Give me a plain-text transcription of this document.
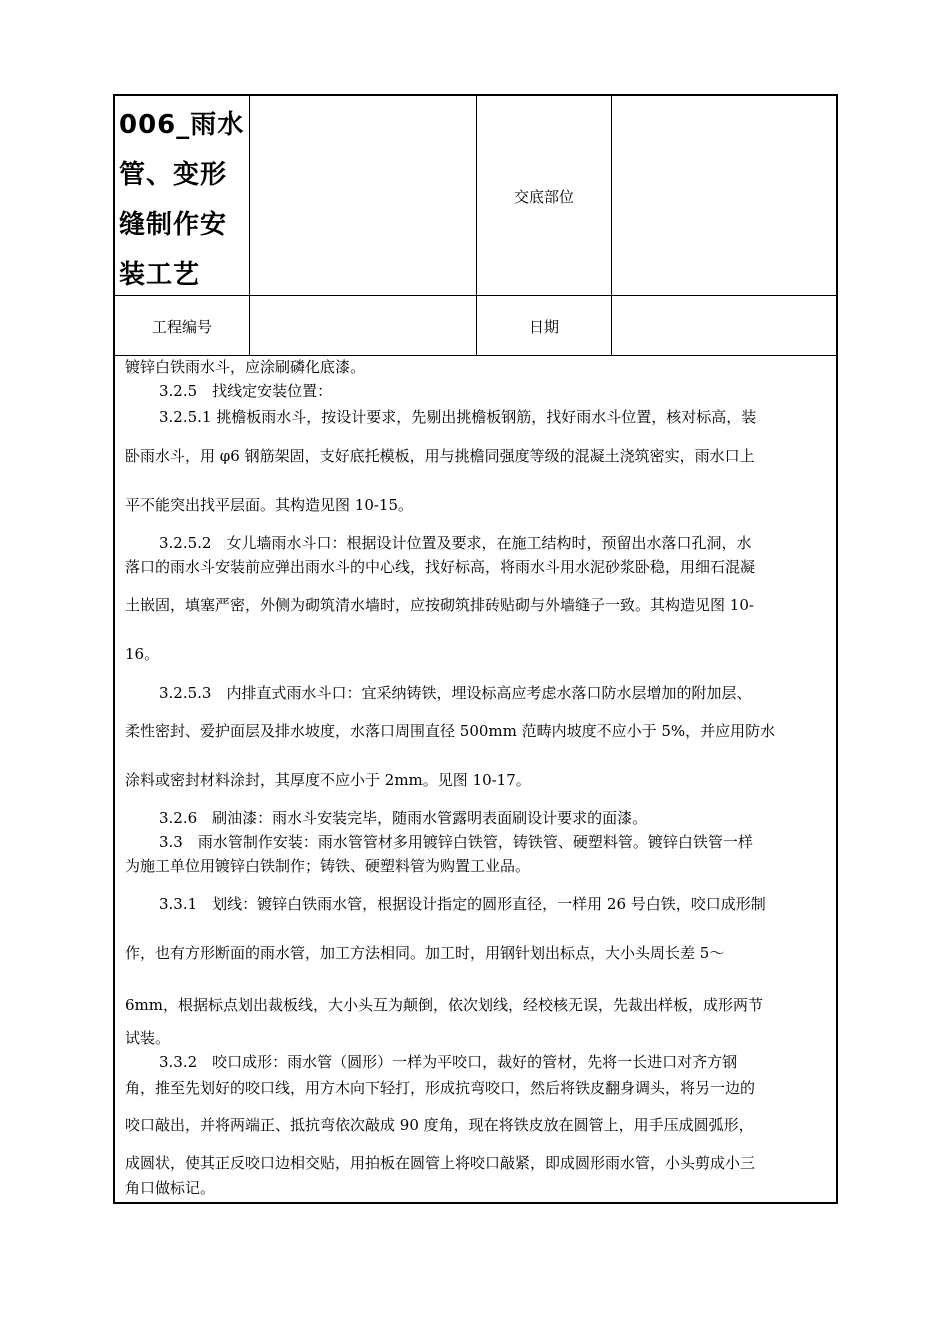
006_雨水
管、变形
缝制作安
装工艺
交底部位
工程编号	日期
镀锌白铁雨水斗，应涂刷磷化底漆。
3.2.5　找线定安装位置：
3.2.5.1 挑檐板雨水斗，按设计要求，先剔出挑檐板钢筋，找好雨水斗位置，核对标高，装
卧雨水斗，用 φ6 钢筋架固，支好底托模板，用与挑檐同强度等级的混凝土浇筑密实，雨水口上
平不能突出找平层面。其构造见图 10-15。
3.2.5.2　女儿墙雨水斗口：根据设计位置及要求，在施工结构时，预留出水落口孔洞，水
落口的雨水斗安装前应弹出雨水斗的中心线，找好标高，将雨水斗用水泥砂浆卧稳，用细石混凝
土嵌固，填塞严密，外侧为砌筑清水墙时，应按砌筑排砖贴砌与外墙缝子一致。其构造见图 10-
16。
3.2.5.3　内排直式雨水斗口：宜采纳铸铁，埋设标高应考虑水落口防水层增加的附加层、
柔性密封、爱护面层及排水坡度，水落口周围直径 500mm 范畴内坡度不应小于 5%，并应用防水
涂料或密封材料涂封，其厚度不应小于 2mm。见图 10-17。
3.2.6　刷油漆：雨水斗安装完毕，随雨水管露明表面刷设计要求的面漆。
3.3　雨水管制作安装：雨水管管材多用镀锌白铁管，铸铁管、硬塑料管。镀锌白铁管一样
为施工单位用镀锌白铁制作；铸铁、硬塑料管为购置工业品。
3.3.1　划线：镀锌白铁雨水管，根据设计指定的圆形直径，一样用 26 号白铁，咬口成形制
作，也有方形断面的雨水管，加工方法相同。加工时，用钢针划出标点，大小头周长差 5～
6mm，根据标点划出裁板线，大小头互为颠倒，依次划线，经校核无误，先裁出样板，成形两节
试装。
3.3.2　咬口成形：雨水管（圆形）一样为平咬口，裁好的管材，先将一长进口对齐方钢
角，推至先划好的咬口线，用方木向下轻打，形成抗弯咬口，然后将铁皮翻身调头，将另一边的
咬口敲出，并将两端正、抵抗弯依次敲成 90 度角，现在将铁皮放在圆管上，用手压成圆弧形，
成圆状，使其正反咬口边相交贴，用拍板在圆管上将咬口敲紧，即成圆形雨水管，小头剪成小三
角口做标记。
